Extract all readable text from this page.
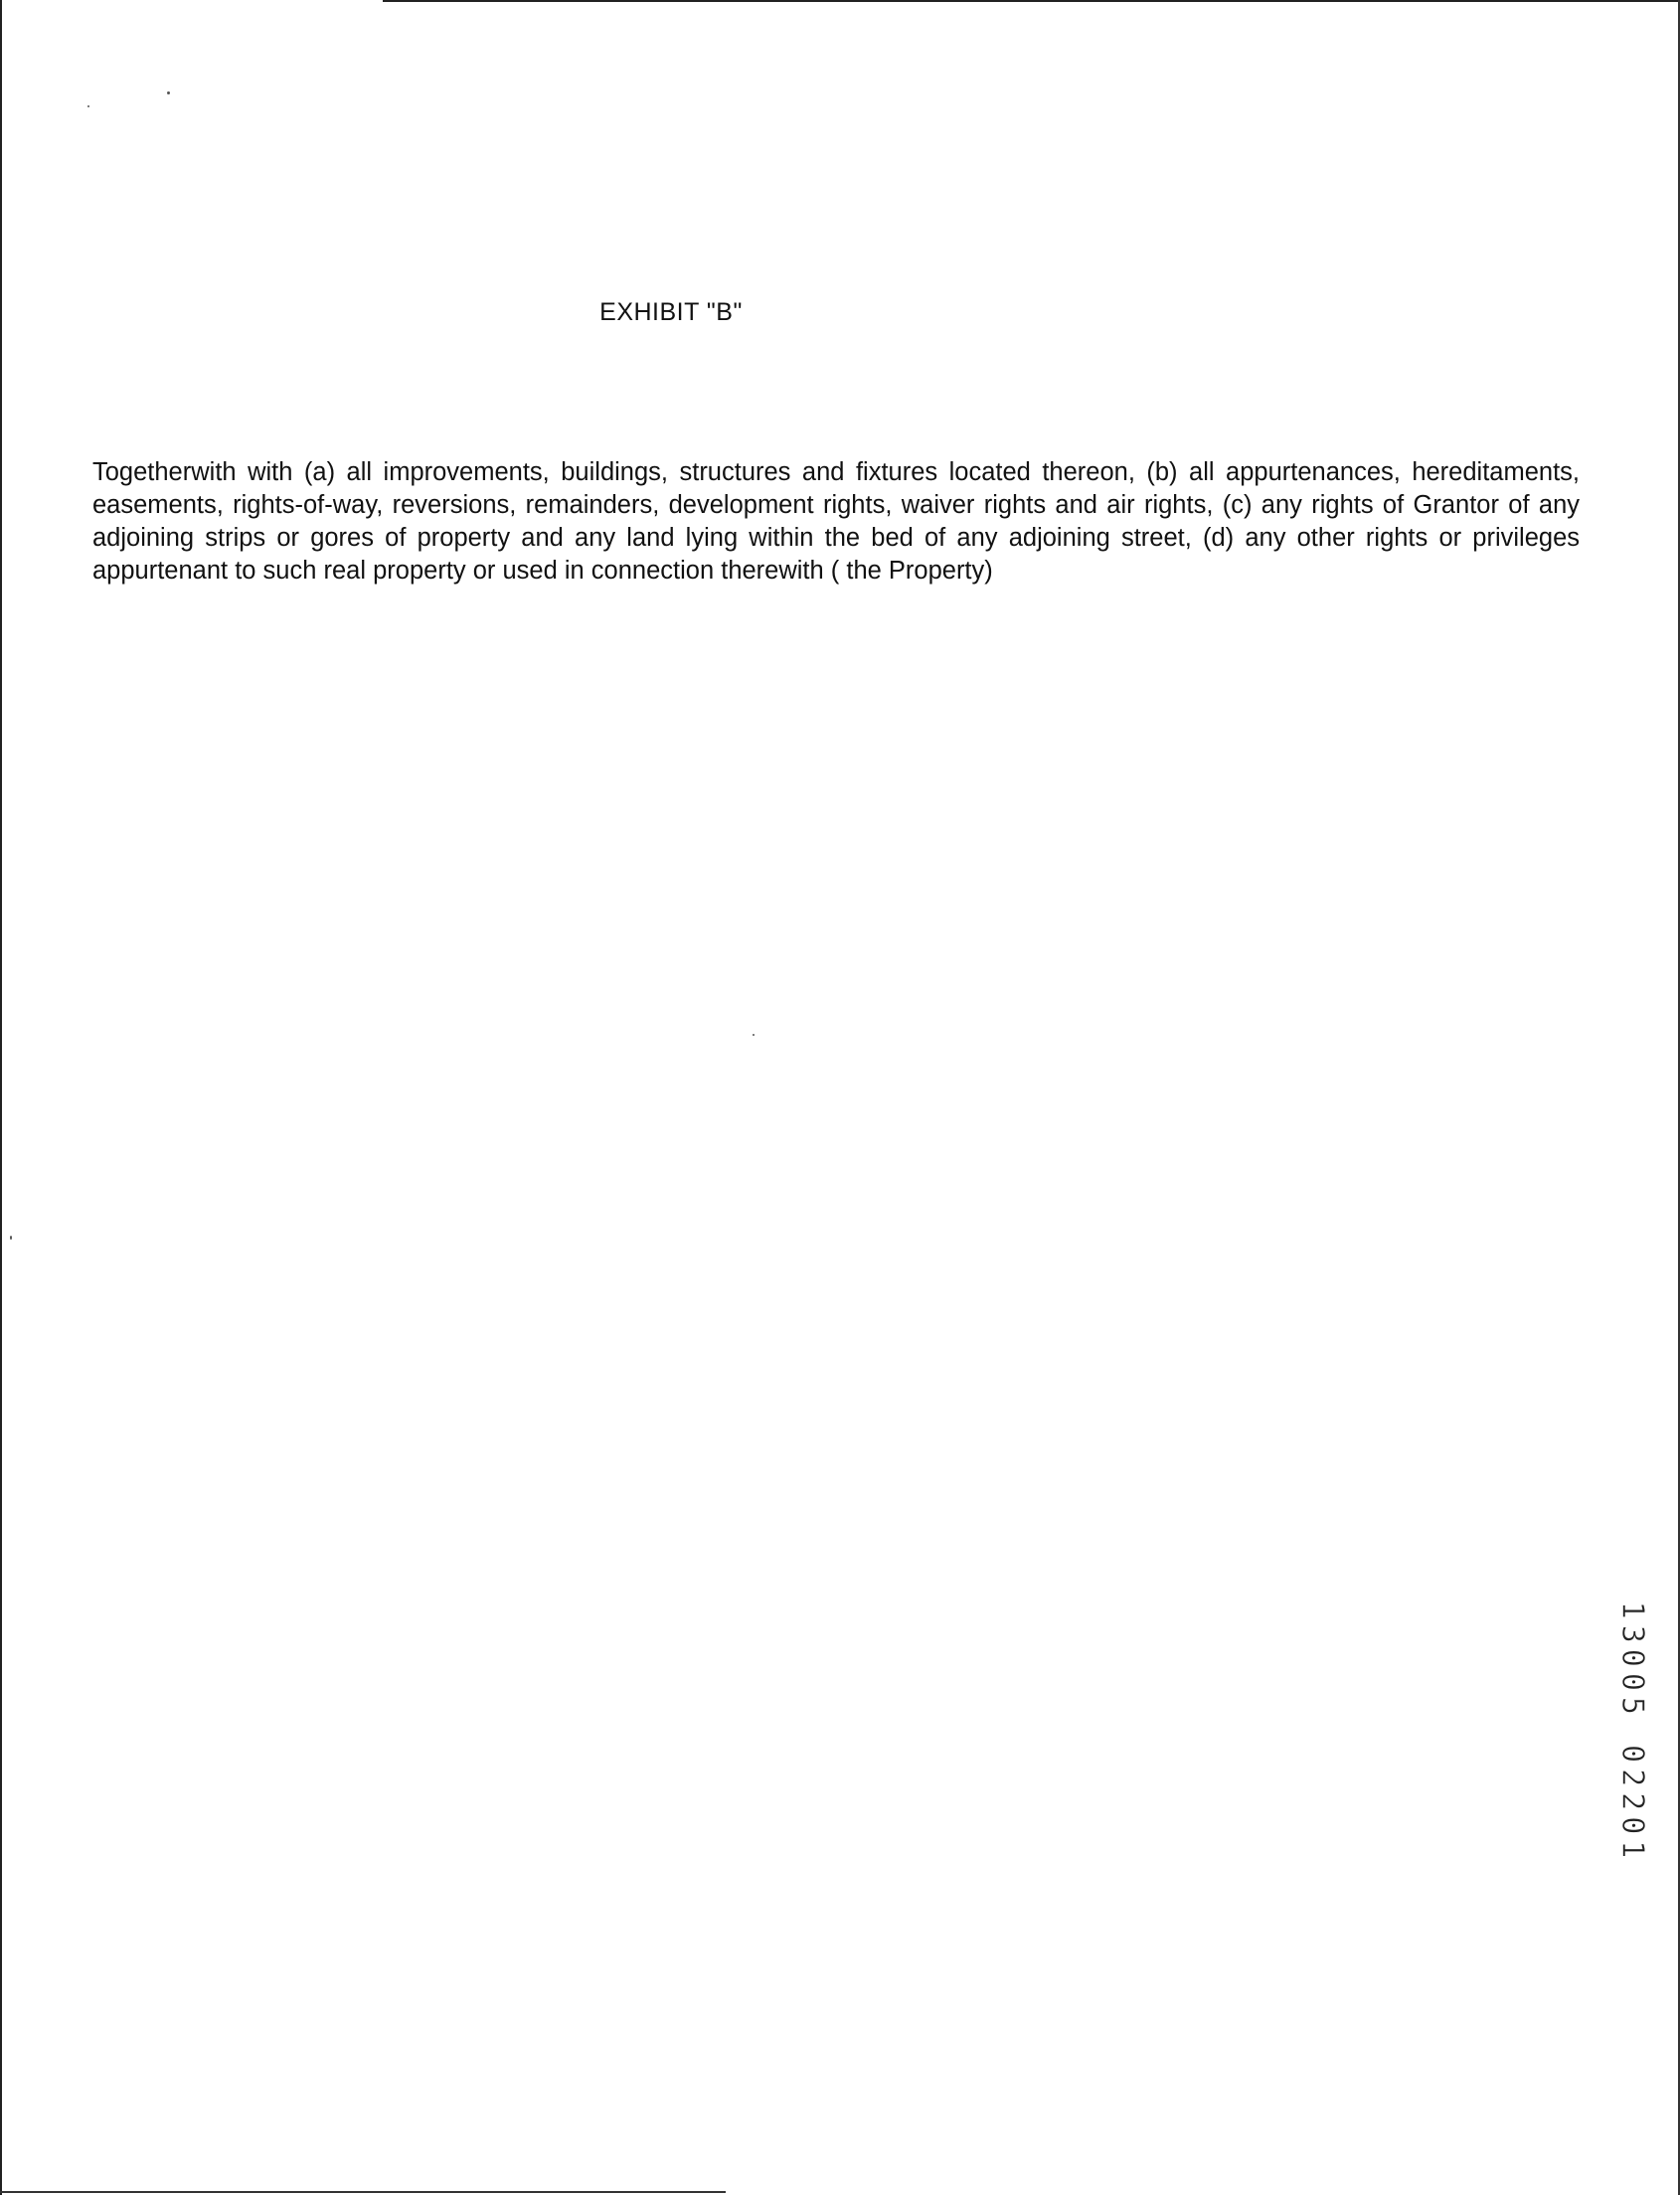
EXHIBIT "B"

Togetherwith with (a) all improvements, buildings, structures and fixtures located thereon, (b) all appurtenances, hereditaments, easements, rights-of-way, reversions, remainders, development rights, waiver rights and air rights, (c) any rights of Grantor of any adjoining strips or gores of property and any land lying within the bed of any adjoining street, (d) any other rights or privileges appurtenant to such real property or used in connection therewith ( the Property)

13005 02201
